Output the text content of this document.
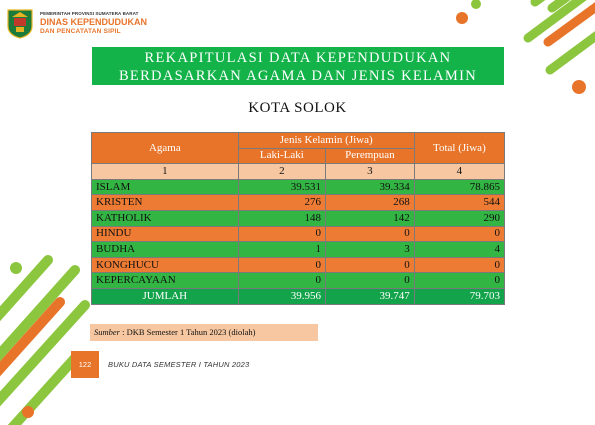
PEMERINTAH PROVINSI SUMATERA BARAT
DINAS KEPENDUDUKAN
DAN PENCATATAN SIPIL
REKAPITULASI DATA KEPENDUDUKAN
BERDASARKAN AGAMA DAN JENIS KELAMIN
KOTA SOLOK
Agama	Jenis Kelamin (Jiwa)		Total (Jiwa)
	Laki-Laki	Perempuan	
1	2	3	4
ISLAM	39.531	39.334	78.865
KRISTEN	276	268	544
KATHOLIK	148	142	290
HINDU	0	0	0
BUDHA	1	3	4
KONGHUCU	0	0	0
KEPERCAYAAN	0	0	0
JUMLAH	39.956	39.747	79.703
Sumber : DKB Semester 1 Tahun 2023 (diolah)
122	BUKU DATA SEMESTER I TAHUN 2023
